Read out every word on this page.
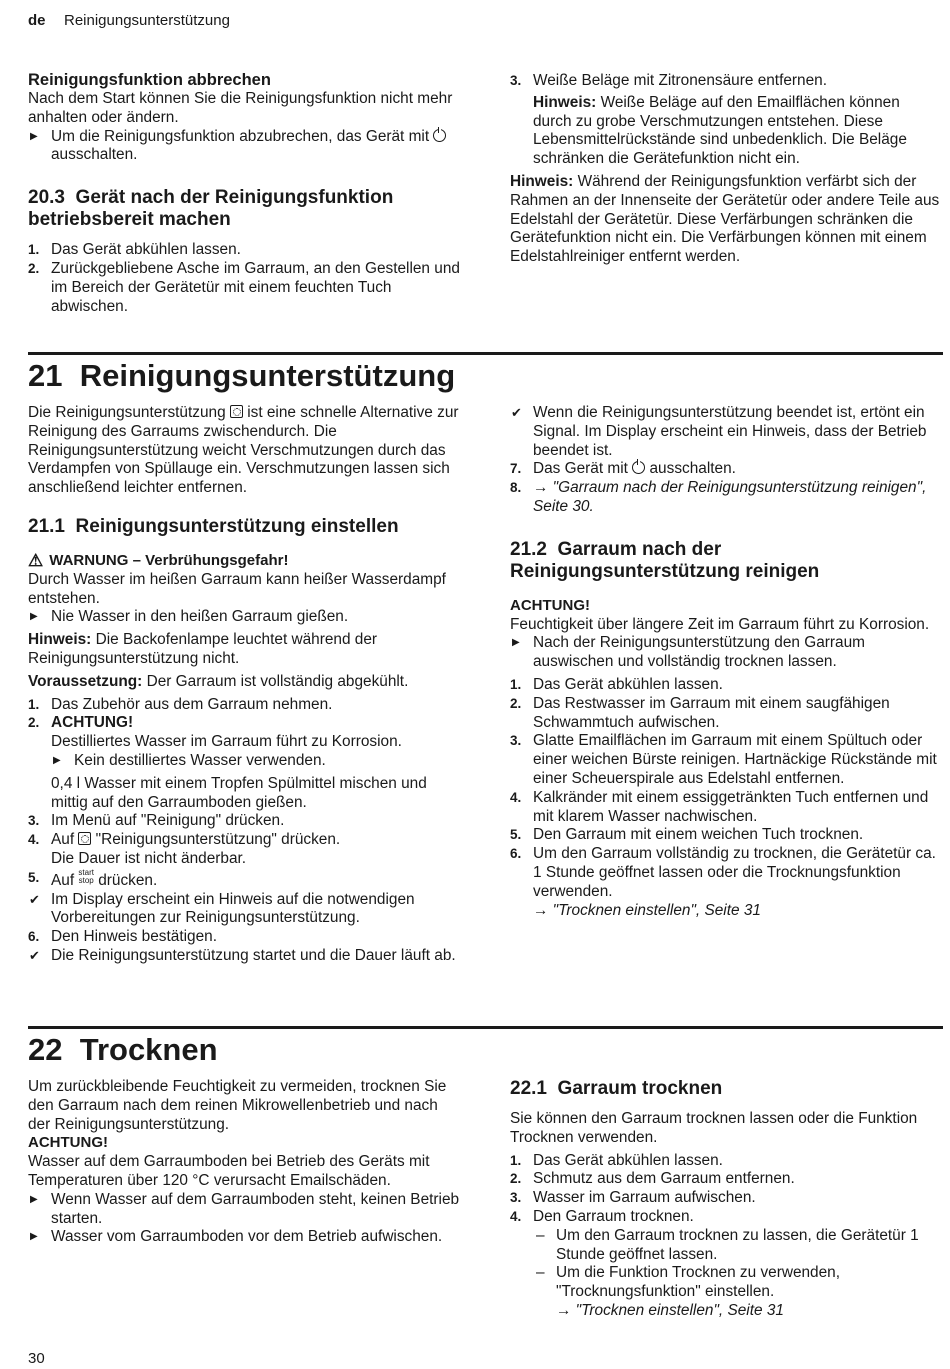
de Reinigungsunterstützung
Reinigungsfunktion abbrechen

Nach dem Start können Sie die Reinigungsfunktion nicht mehr anhalten oder ändern.

▶ Um die Reinigungsfunktion abzubrechen, das Gerät mit  ausschalten.
20.3 Gerät nach der Reinigungsfunktion betriebsbereit machen
1. Das Gerät abkühlen lassen.
2. Zurückgebliebene Asche im Garraum, an den Gestellen und im Bereich der Gerätetür mit einem feuchten Tuch abwischen.
3. Weiße Beläge mit Zitronensäure entfernen.
Hinweis: Weiße Beläge auf den Emailflächen können durch zu grobe Verschmutzungen entstehen. Diese Lebensmittelrückstände sind unbedenklich. Die Beläge schränken die Gerätefunktion nicht ein.

Hinweis: Während der Reinigungsfunktion verfärbt sich der Rahmen an der Innenseite der Gerätetür oder andere Teile aus Edelstahl der Gerätetür. Diese Verfärbungen schränken die Gerätefunktion nicht ein. Die Verfärbungen können mit einem Edelstahlreiniger entfernt werden.

21 Reinigungsunterstützung

Die Reinigungsunterstützung ist eine schnelle Alternative zur Reinigung des Garraums zwischendurch. Die Reinigungsunterstützung weicht Verschmutzungen durch das Verdampfen von Spüllauge ein. Verschmutzungen lassen sich anschließend leichter entfernen.

21.1 Reinigungsunterstützung einstellen
⚠ WARNUNG – Verbrühungsgefahr!

Durch Wasser im heißen Garraum kann heißer Wasserdampf entstehen.

▶ Nie Wasser in den heißen Garraum gießen.

Hinweis: Die Backofenlampe leuchtet während der Reinigungsunterstützung nicht.

Voraussetzung: Der Garraum ist vollständig abgekühlt.

1. Das Zubehör aus dem Garraum nehmen.
2. ACHTUNG!
Destilliertes Wasser im Garraum führt zu Korrosion.
▶ Kein destilliertes Wasser verwenden.
0,4 l Wasser mit einem Tropfen Spülmittel mischen und mittig auf den Garraumboden gießen.
3. Im Menü auf "Reinigung" drücken.
4. Auf "Reinigungsunterstützung" drücken.
Die Dauer ist nicht änderbar.
5. Auf start
stop drücken.
✔ Im Display erscheint ein Hinweis auf die notwendigen Vorbereitungen zur Reinigungsunterstützung.
6. Den Hinweis bestätigen.
✔ Die Reinigungsunterstützung startet und die Dauer läuft ab.
✔ Wenn die Reinigungsunterstützung beendet ist, ertönt ein Signal. Im Display erscheint ein Hinweis, dass der Betrieb beendet ist.
7. Das Gerät mit ausschalten.
8. → "Garraum nach der Reinigungsunterstützung reinigen", Seite 30.
21.2 Garraum nach der Reinigungsunterstützung reinigen
ACHTUNG!

Feuchtigkeit über längere Zeit im Garraum führt zu Korrosion.

▶ Nach der Reinigungsunterstützung den Garraum auswischen und vollständig trocknen lassen.
1. Das Gerät abkühlen lassen.
2. Das Restwasser im Garraum mit einem saugfähigen Schwammtuch aufwischen.
3. Glatte Emailflächen im Garraum mit einem Spültuch oder einer weichen Bürste reinigen. Hartnäckige Rückstände mit einer Scheuerspirale aus Edelstahl entfernen.
4. Kalkränder mit einem essiggetränkten Tuch entfernen und mit klarem Wasser nachwischen.
5. Den Garraum mit einem weichen Tuch trocknen.
6. Um den Garraum vollständig zu trocknen, die Gerätetür ca. 1 Stunde geöffnet lassen oder die Trocknungsfunktion verwenden.
→ "Trocknen einstellen", Seite 31
22 Trocknen

Um zurückbleibende Feuchtigkeit zu vermeiden, trocknen Sie den Garraum nach dem reinen Mikrowellenbetrieb und nach der Reinigungsunterstützung.

ACHTUNG!

Wasser auf dem Garraumboden bei Betrieb des Geräts mit Temperaturen über 120 °C verursacht Emailschäden.

▶ Wenn Wasser auf dem Garraumboden steht, keinen Betrieb starten.
▶ Wasser vom Garraumboden vor dem Betrieb aufwischen.
22.1 Garraum trocknen

Sie können den Garraum trocknen lassen oder die Funktion Trocknen verwenden.

1. Das Gerät abkühlen lassen.
2. Schmutz aus dem Garraum entfernen.
3. Wasser im Garraum aufwischen.
4. Den Garraum trocknen.
– Um den Garraum trocknen zu lassen, die Gerätetür 1 Stunde geöffnet lassen.
– Um die Funktion Trocknen zu verwenden, "Trocknungsfunktion" einstellen.
→ "Trocknen einstellen", Seite 31
30
